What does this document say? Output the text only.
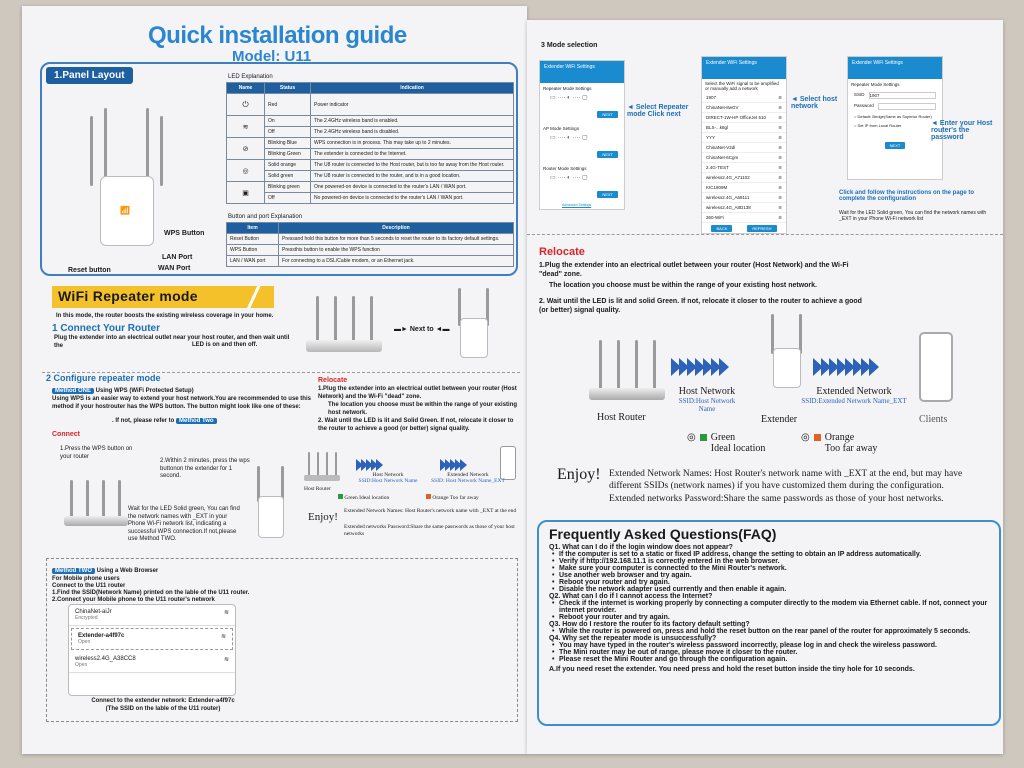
Quick installation guide
Model: U11
1.Panel Layout
📶
WPS Button
LAN Port
WAN Port
Reset button
LED Explanation
Name	Status	Indication
⏻	Red	Power indicator
≋	On	The 2.4GHz wireless band is enabled.
	Off	The 2.4GHz wireless band is disabled.
⊘	Blinking Blue	WPS connection is in process. This may take up to 2 minutes.
	Blinking Green	The extender is connected to the Internet.
◎	Solid orange	The U8 router is connected to the Host router, but is too far away from the Host router.
	Solid green	The U8 router is connected to the router, and is in a good location.
▣	Blinking green	One powered-on device is connected to the router's LAN / WAN port.
	Off	No powered-on device is connected to the router's LAN / WAN port.
Button and port Explanation
Item	Description
Reset Button	Pressand hold this button for more than 5 seconds to reset the router to its factory default settings.
WPS Button	Pressthis button to enable the WPS function
LAN / WAN port	For connecting to a DSL/Cable modem, or an Ethernet jack.
WiFi Repeater mode
In this mode, the router boosts the existing wireless coverage in your home.
1 Connect Your Router
Plug the extender into an electrical outlet near your host router, and then wait until the	LED is on and then off.
▬► Next to ◄▬
2 Configure repeater mode
Method ONE Using WPS (WiFi Protected Setup)
Using WPS is an easier way to extend your host network.You are recommended to use this method if your hostrouter has the WPS button. The button might look like one of these:
. If not, please refer to Method Two
Connect
1.Press the WPS button on your router
2.Within 2 minutes, press the wps buttonon the extender for 1 second.
Wait for the LED Solid green, You can find the network names with _EXT in your Phone Wi-Fi network list, indicating a successful WPS connection.If not,please use Method TWO.
Relocate
1.Plug the extender into an electrical outlet between your router (Host Network) and the Wi-Fi "dead" zone.
The location you choose must be within the range of your existing host network.
2. Wait until the LED is lit and Solid Green. If not, relocate it closer to the router to achieve a good (or better) signal quality.
Host Router
Host Network
SSID:Host Network Name
Extended Network
SSID: Host Network Name_EXT
Green Ideal location	Orange Too far away
Enjoy! Extended Network Names: Host Router's network name with _EXT at the end
Extended networks Password:Share the same passwords as those of your host networks
Method TWO Using a Web Browser
For Mobile phone users
Connect to the U11 router
1.Find the SSID(Network Name) printed on the lable of the U11 router.
2.Connect your Mobile phone to the U11 router's network
ChinaNet-aiJr
Encrypted
≋
Extender-a4f97c
Open
≋
wireless2.4G_A38CC8
Open
≋
Connect to the extender network: Extender-a4f97c
(The SSID on the lable of the U11 router)
3 Mode selection
Extender WiFi Settings
Repeater Mode Settings
▭ ···· ◐ ···· ▢
NEXT
AP Mode Settings
▭ ···· ◐ ···· ▢
NEXT
Router Mode Settings
▭ ···· ◐ ···· ▢
NEXT
Advanced Settings
◄ Select Repeater mode Click next
Extender WiFi Settings
Select the WiFi signal to be amplified or manually add a network
1907	≋
ChinaNet-8wGV	≋
DIRECT-1W-HP OfficeJet 510	≋
BLS-...k8gl	≋
YYY	≋
ChinaNet-V2di	≋
ChinaNet-6Cgm	≋
2.4G-TEST	≋
wireless2.4G_A71102	≋
KIC1809M	≋
wireless2.4G_A68111	≋
wireless2.4G_A8D138	≋
360-WiFi	≋
BACK	REFRESH
◄ Select host network
Extender WiFi Settings
Repeater Mode Settings
SSID 1907
Password
○ Default: Bridge(Same as Superior Router)
○ Set IP from Local Router
NEXT
◄ Enter your Host router's the password
Click and follow the instructions on the page to complete the configuration
Wait for the LED Solid green, You can find the network names with _EXT in your Phone Wi-Fi network list
Relocate
1.Plug the extender into an electrical outlet between your router (Host Network) and the Wi-Fi "dead" zone.
The location you choose must be within the range of your existing host network.
2. Wait until the LED is lit and solid Green. If not, relocate it closer to the router to achieve a good (or better) signal quality.
Host Router
Host Network
SSID:Host Network Name
Extender
Extended Network
SSID:Extended Network Name_EXT
Clients
◎ Green
Ideal location
◎ Orange
Too far away
Enjoy! Extended Network Names: Host Router's network name with _EXT at the end, but may have different SSIDs (network names) if you have customized them during the configuration.
Extended networks Password:Share the same passwords as those of your host networks.
Frequently Asked Questions(FAQ)
Q1. What can I do if the login window does not appear?
• If the computer is set to a static or fixed IP address, change the setting to obtain an IP address automatically.
• Verify if http://192.168.11.1 is correctly entered in the web browser.
• Make sure your computer is connected to the Mini Router's network.
• Use another web browser and try again.
• Reboot your router and try again.
• Disable the network adapter used currently and then enable it again.
Q2. What can I do if I cannot access the Internet?
• Check if the internet is working properly by connecting a computer directly to the modem via Ethernet cable. If not, connect your internet provider.
• Reboot your router and try again.
Q3. How do I restore the router to its factory default setting?
• While the router is powered on, press and hold the reset button on the rear panel of the router for approximately 5 seconds.
Q4. Why set the repeater mode is unsuccessfully?
• You may have typed in the router's wireless password incorrectly, please log in and check the wireless password.
• The Mini router may be out of range, please move it closer to the router.
• Please reset the Mini Router and go through the configuration again.
A.If you need reset the extender. You need press and hold the reset button inside the tiny hole for 10 seconds.
